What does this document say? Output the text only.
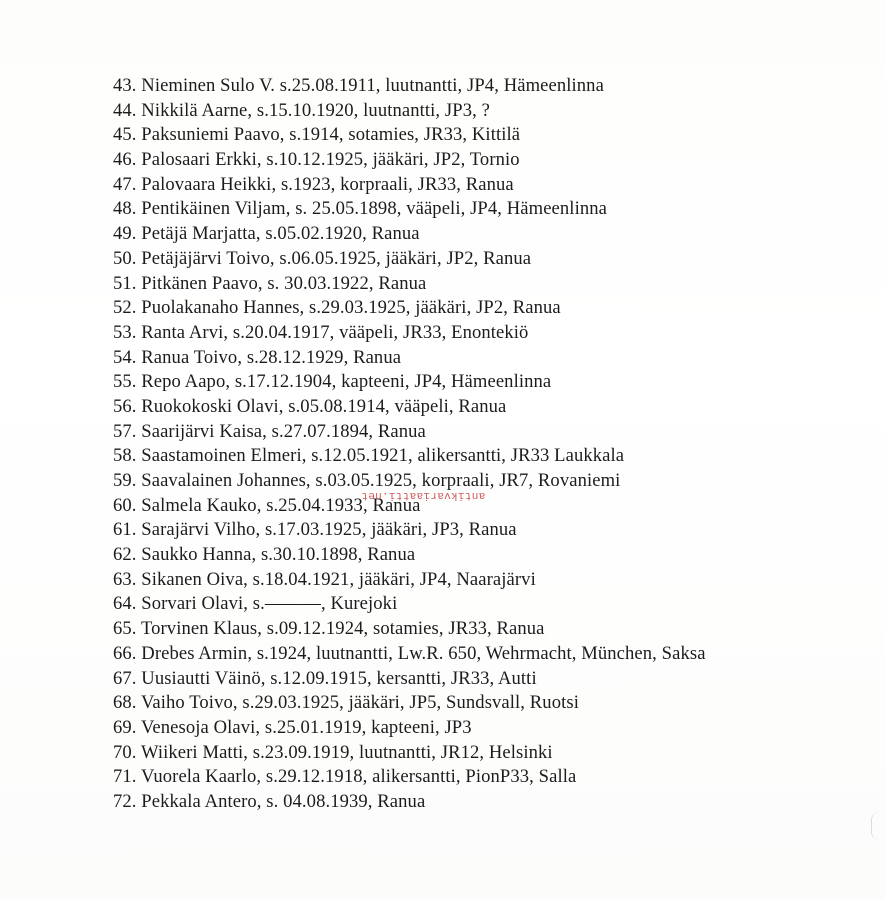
43. Nieminen Sulo V. s.25.08.1911, luutnantti, JP4, Hämeenlinna
44. Nikkilä Aarne, s.15.10.1920, luutnantti, JP3, ?
45. Paksuniemi Paavo, s.1914, sotamies, JR33, Kittilä
46. Palosaari Erkki, s.10.12.1925, jääkäri, JP2, Tornio
47. Palovaara Heikki, s.1923, korpraali, JR33, Ranua
48. Pentikäinen Viljam, s. 25.05.1898, vääpeli, JP4, Hämeenlinna
49. Petäjä Marjatta, s.05.02.1920, Ranua
50. Petäjäjärvi Toivo, s.06.05.1925, jääkäri, JP2, Ranua
51. Pitkänen Paavo, s. 30.03.1922, Ranua
52. Puolakanaho Hannes, s.29.03.1925, jääkäri, JP2, Ranua
53. Ranta Arvi, s.20.04.1917, vääpeli, JR33, Enontekiö
54. Ranua Toivo, s.28.12.1929, Ranua
55. Repo Aapo, s.17.12.1904, kapteeni, JP4, Hämeenlinna
56. Ruokokoski Olavi, s.05.08.1914, vääpeli, Ranua
57. Saarijärvi Kaisa, s.27.07.1894, Ranua
58. Saastamoinen Elmeri, s.12.05.1921, alikersantti, JR33 Laukkala
59. Saavalainen Johannes, s.03.05.1925, korpraali, JR7, Rovaniemi
60. Salmela Kauko, s.25.04.1933, Ranua
61. Sarajärvi Vilho, s.17.03.1925, jääkäri, JP3, Ranua
62. Saukko Hanna, s.30.10.1898, Ranua
63. Sikanen Oiva, s.18.04.1921, jääkäri, JP4, Naarajärvi
64. Sorvari Olavi, s.———, Kurejoki
65. Torvinen Klaus, s.09.12.1924, sotamies, JR33, Ranua
66. Drebes Armin, s.1924, luutnantti, Lw.R. 650, Wehrmacht, München, Saksa
67. Uusiautti Väinö, s.12.09.1915, kersantti, JR33, Autti
68. Vaiho Toivo, s.29.03.1925, jääkäri, JP5, Sundsvall, Ruotsi
69. Venesoja Olavi, s.25.01.1919, kapteeni, JP3
70. Wiikeri Matti, s.23.09.1919, luutnantti, JR12, Helsinki
71. Vuorela Kaarlo, s.29.12.1918, alikersantti, PionP33, Salla
72. Pekkala Antero, s. 04.08.1939, Ranua
antikvariaatti.net
